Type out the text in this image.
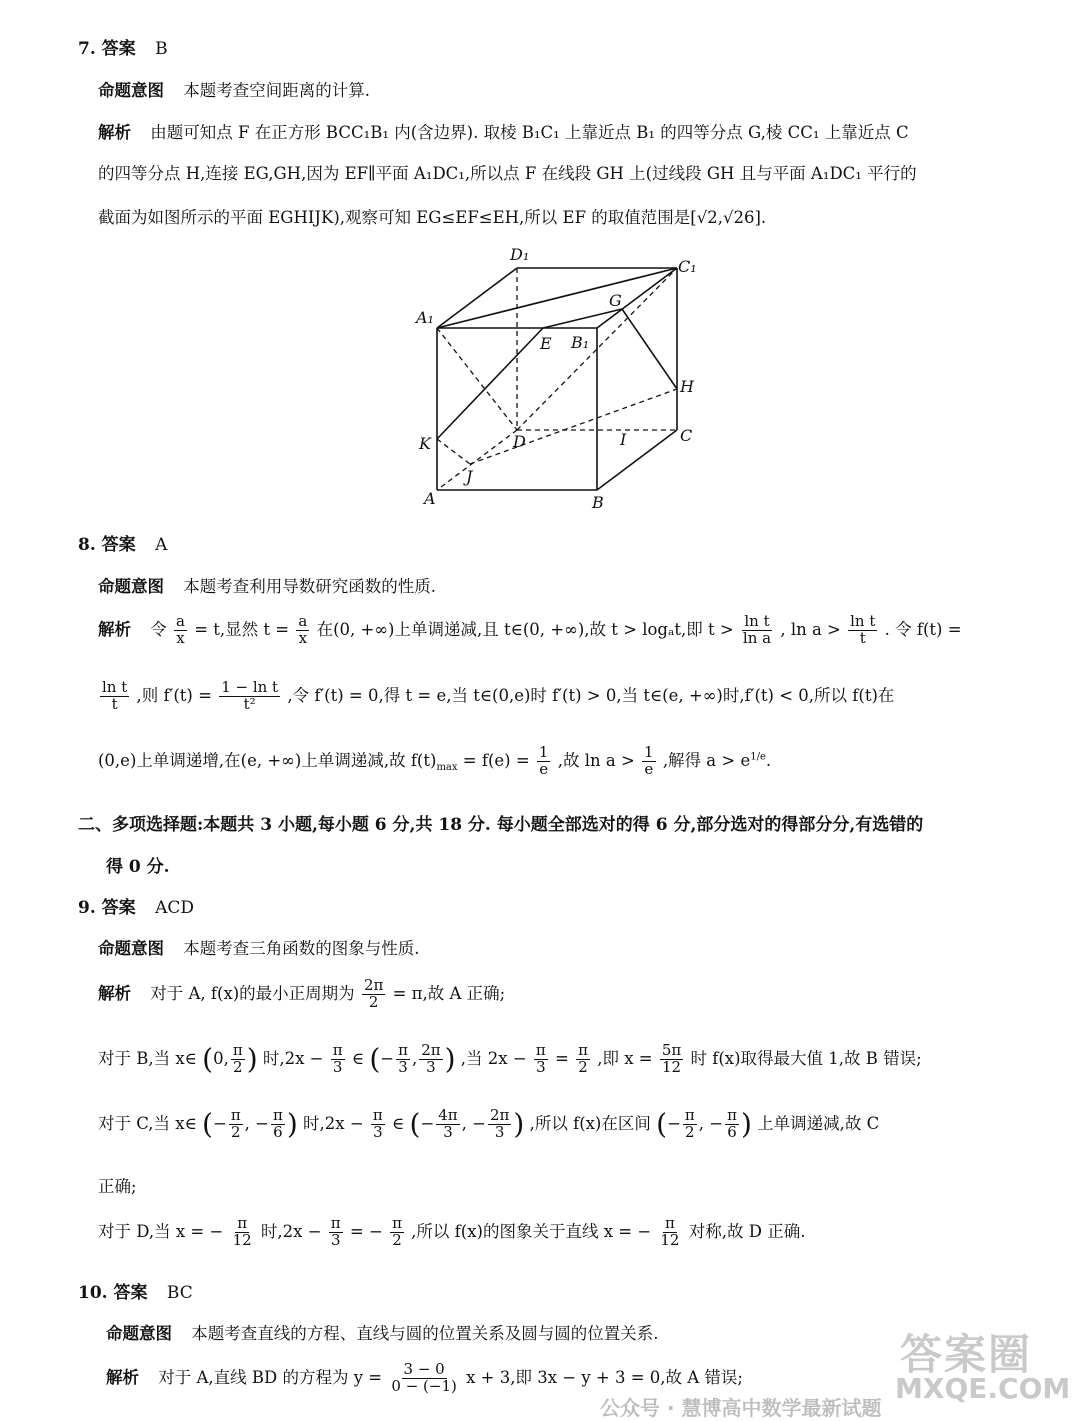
7. 答案 B
命题意图 本题考查空间距离的计算.
解析 由题可知点 F 在正方形 BCC₁B₁ 内(含边界). 取棱 B₁C₁ 上靠近点 B₁ 的四等分点 G,棱 CC₁ 上靠近点 C
的四等分点 H,连接 EG,GH,因为 EF∥平面 A₁DC₁,所以点 F 在线段 GH 上(过线段 GH 且与平面 A₁DC₁ 平行的
截面为如图所示的平面 EGHIJK),观察可知 EG≤EF≤EH,所以 EF 的取值范围是[√2,√26].
D₁
C₁
A₁
B₁
G
E
H
K	D	I	C
J
A	B
8. 答案 A
命题意图 本题考查利用导数研究函数的性质.
解析 令 $\frac{a}{x} = t$,显然 $t = \frac{a}{x}$ 在(0, +∞)上单调递减,且 t∈(0, +∞),故 t > logₐt,即 $t > \frac{\text{ln t}}{\text{ln a}}$ , $\ln a > \frac{\text{ln t}}{t}$ . 令 f(t) =
$\frac{\text{ln t}}{t}$ ,则 $f'(t) = \frac{\text{1 − ln t}}{\text{t²}}$ ,令 f′(t) = 0,得 t = e,当 t∈(0,e)时 f′(t) > 0,当 t∈(e, +∞)时,f′(t) < 0,所以 f(t)在
(0,e)上单调递增,在(e, +∞)上单调递减,故 $f(t)_{max} = f(e) = \frac{1}{e}$ ,故 $\ln a > \frac{1}{e}$ ,解得 $a > e^{1/e}$.
二、多项选择题:本题共 3 小题,每小题 6 分,共 18 分. 每小题全部选对的得 6 分,部分选对的得部分分,有选错的
得 0 分.
9. 答案 ACD
命题意图 本题考查三角函数的图象与性质.
解析 对于 A, f(x)的最小正周期为 $\frac{2\pi}{2} = \pi$,故 A 正确;
对于 B,当 x∈ (0, $\frac{\pi}{2}$ ) 时$,2x - \frac{\pi}{3}$ ∈ (− $\frac{\pi}{3}$ , $\frac{2\pi}{3}$ ) ,当 $2x - \frac{\pi}{3} = \frac{\pi}{2}$ ,即 $x = \frac{5\pi}{12}$ 时 f(x)取得最大值 1,故 B 错误;
对于 C,当 x∈ (− $\frac{\pi}{2}$ , − $\frac{\pi}{6}$ ) 时$,2x - \frac{\pi}{3}$ ∈ (− $\frac{4\pi}{3}$ , − $\frac{2\pi}{3}$ ) ,所以 f(x)在区间 (− $\frac{\pi}{2}$ , − $\frac{\pi}{6}$ ) 上单调递减,故 C
正确;
对于 D,当 x = − $\frac{\pi}{12}$ 时$,2x - \frac{\pi}{3}$ = − $\frac{\pi}{2}$ ,所以 f(x)的图象关于直线 x = − $\frac{\pi}{12}$ 对称,故 D 正确.
10. 答案 BC
命题意图 本题考查直线的方程、直线与圆的位置关系及圆与圆的位置关系.
解析 对于 A,直线 BD 的方程为 $y = \frac{3 - 0}{0 - (-1)}$ x + 3,即 3x − y + 3 = 0,故 A 错误;	答案圈
MXQE.COM
公众号 · 慧博高中数学最新试题
